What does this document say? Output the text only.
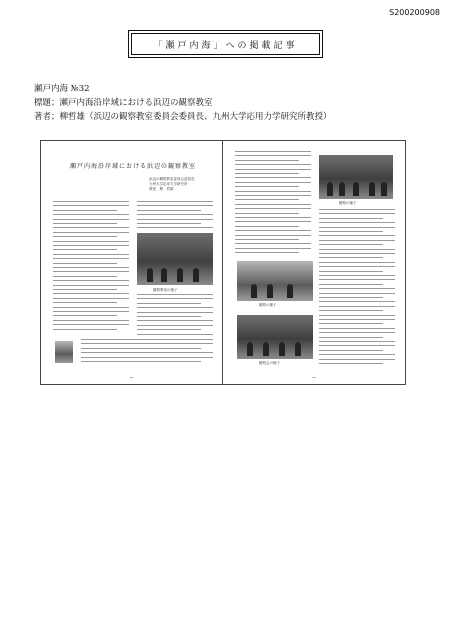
S200200908
「瀬戸内海」への掲載記事
瀬戸内海 №32
標題；瀬戸内海沿岸域における浜辺の観察教室
著者；柳哲雄（浜辺の観察教室委員会委員長、九州大学応用力学研究所教授）
瀬戸内海沿岸域における浜辺の観察教室
浜辺の観察教室委員会委員長
九州大学応用力学研究所
教授　柳　哲雄
観察教室の様子
—
観察の様子
観察の様子
観察会の様子
—
